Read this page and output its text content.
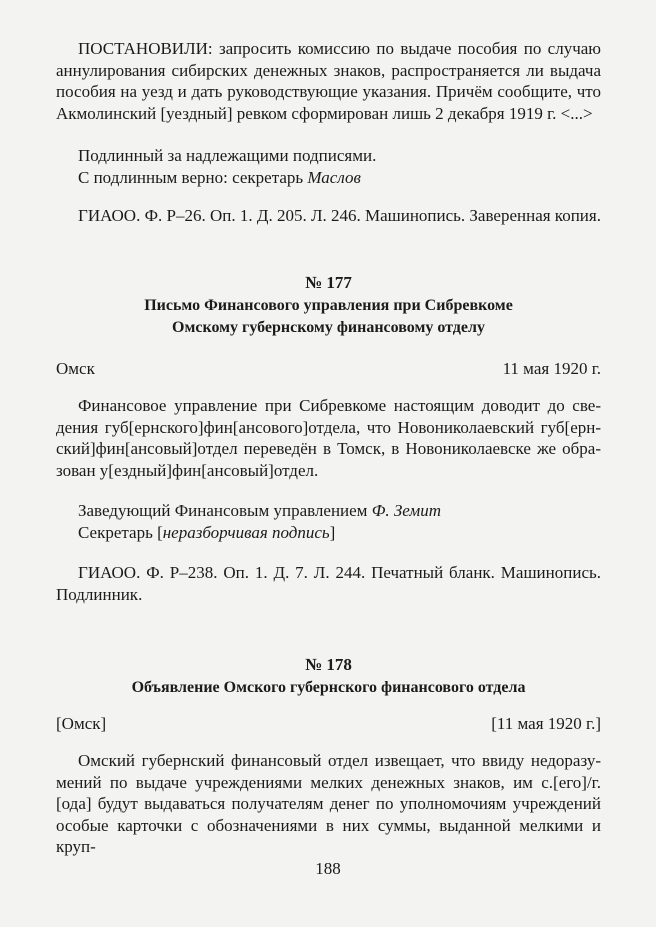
ПОСТАНОВИЛИ: запросить комиссию по выдаче пособия по случаю
аннулирования сибирских денежных знаков, распространяется ли выдача
пособия на уезд и дать руководствующие указания. Причём сообщите, что
Акмолинский [уездный] ревком сформирован лишь 2 декабря 1919 г. <...>
Подлинный за надлежащими подписями.
С подлинным верно: секретарь Маслов
ГИАОО. Ф. Р–26. Оп. 1. Д. 205. Л. 246. Машинопись. Заверенная копия.
№ 177
Письмо Финансового управления при Сибревкоме
Омскому губернскому финансовому отделу
Омск	11 мая 1920 г.
Финансовое управление при Сибревкоме настоящим доводит до све-
дения губ[ернского]фин[ансового]отдела, что Новониколаевский губ[ерн-
ский]фин[ансовый]отдел переведён в Томск, в Новониколаевске же обра-
зован у[ездный]фин[ансовый]отдел.
Заведующий Финансовым управлением Ф. Земит
Секретарь [неразборчивая подпись]
ГИАОО. Ф. Р–238. Оп. 1. Д. 7. Л. 244. Печатный бланк. Машинопись.
Подлинник.
№ 178
Объявление Омского губернского финансового отдела
[Омск]	[11 мая 1920 г.]
Омский губернский финансовый отдел извещает, что ввиду недоразу-
мений по выдаче учреждениями мелких денежных знаков, им с.[его]/г.
[ода] будут выдаваться получателям денег по уполномочиям учреждений
особые карточки с обозначениями в них суммы, выданной мелкими и круп-
188
